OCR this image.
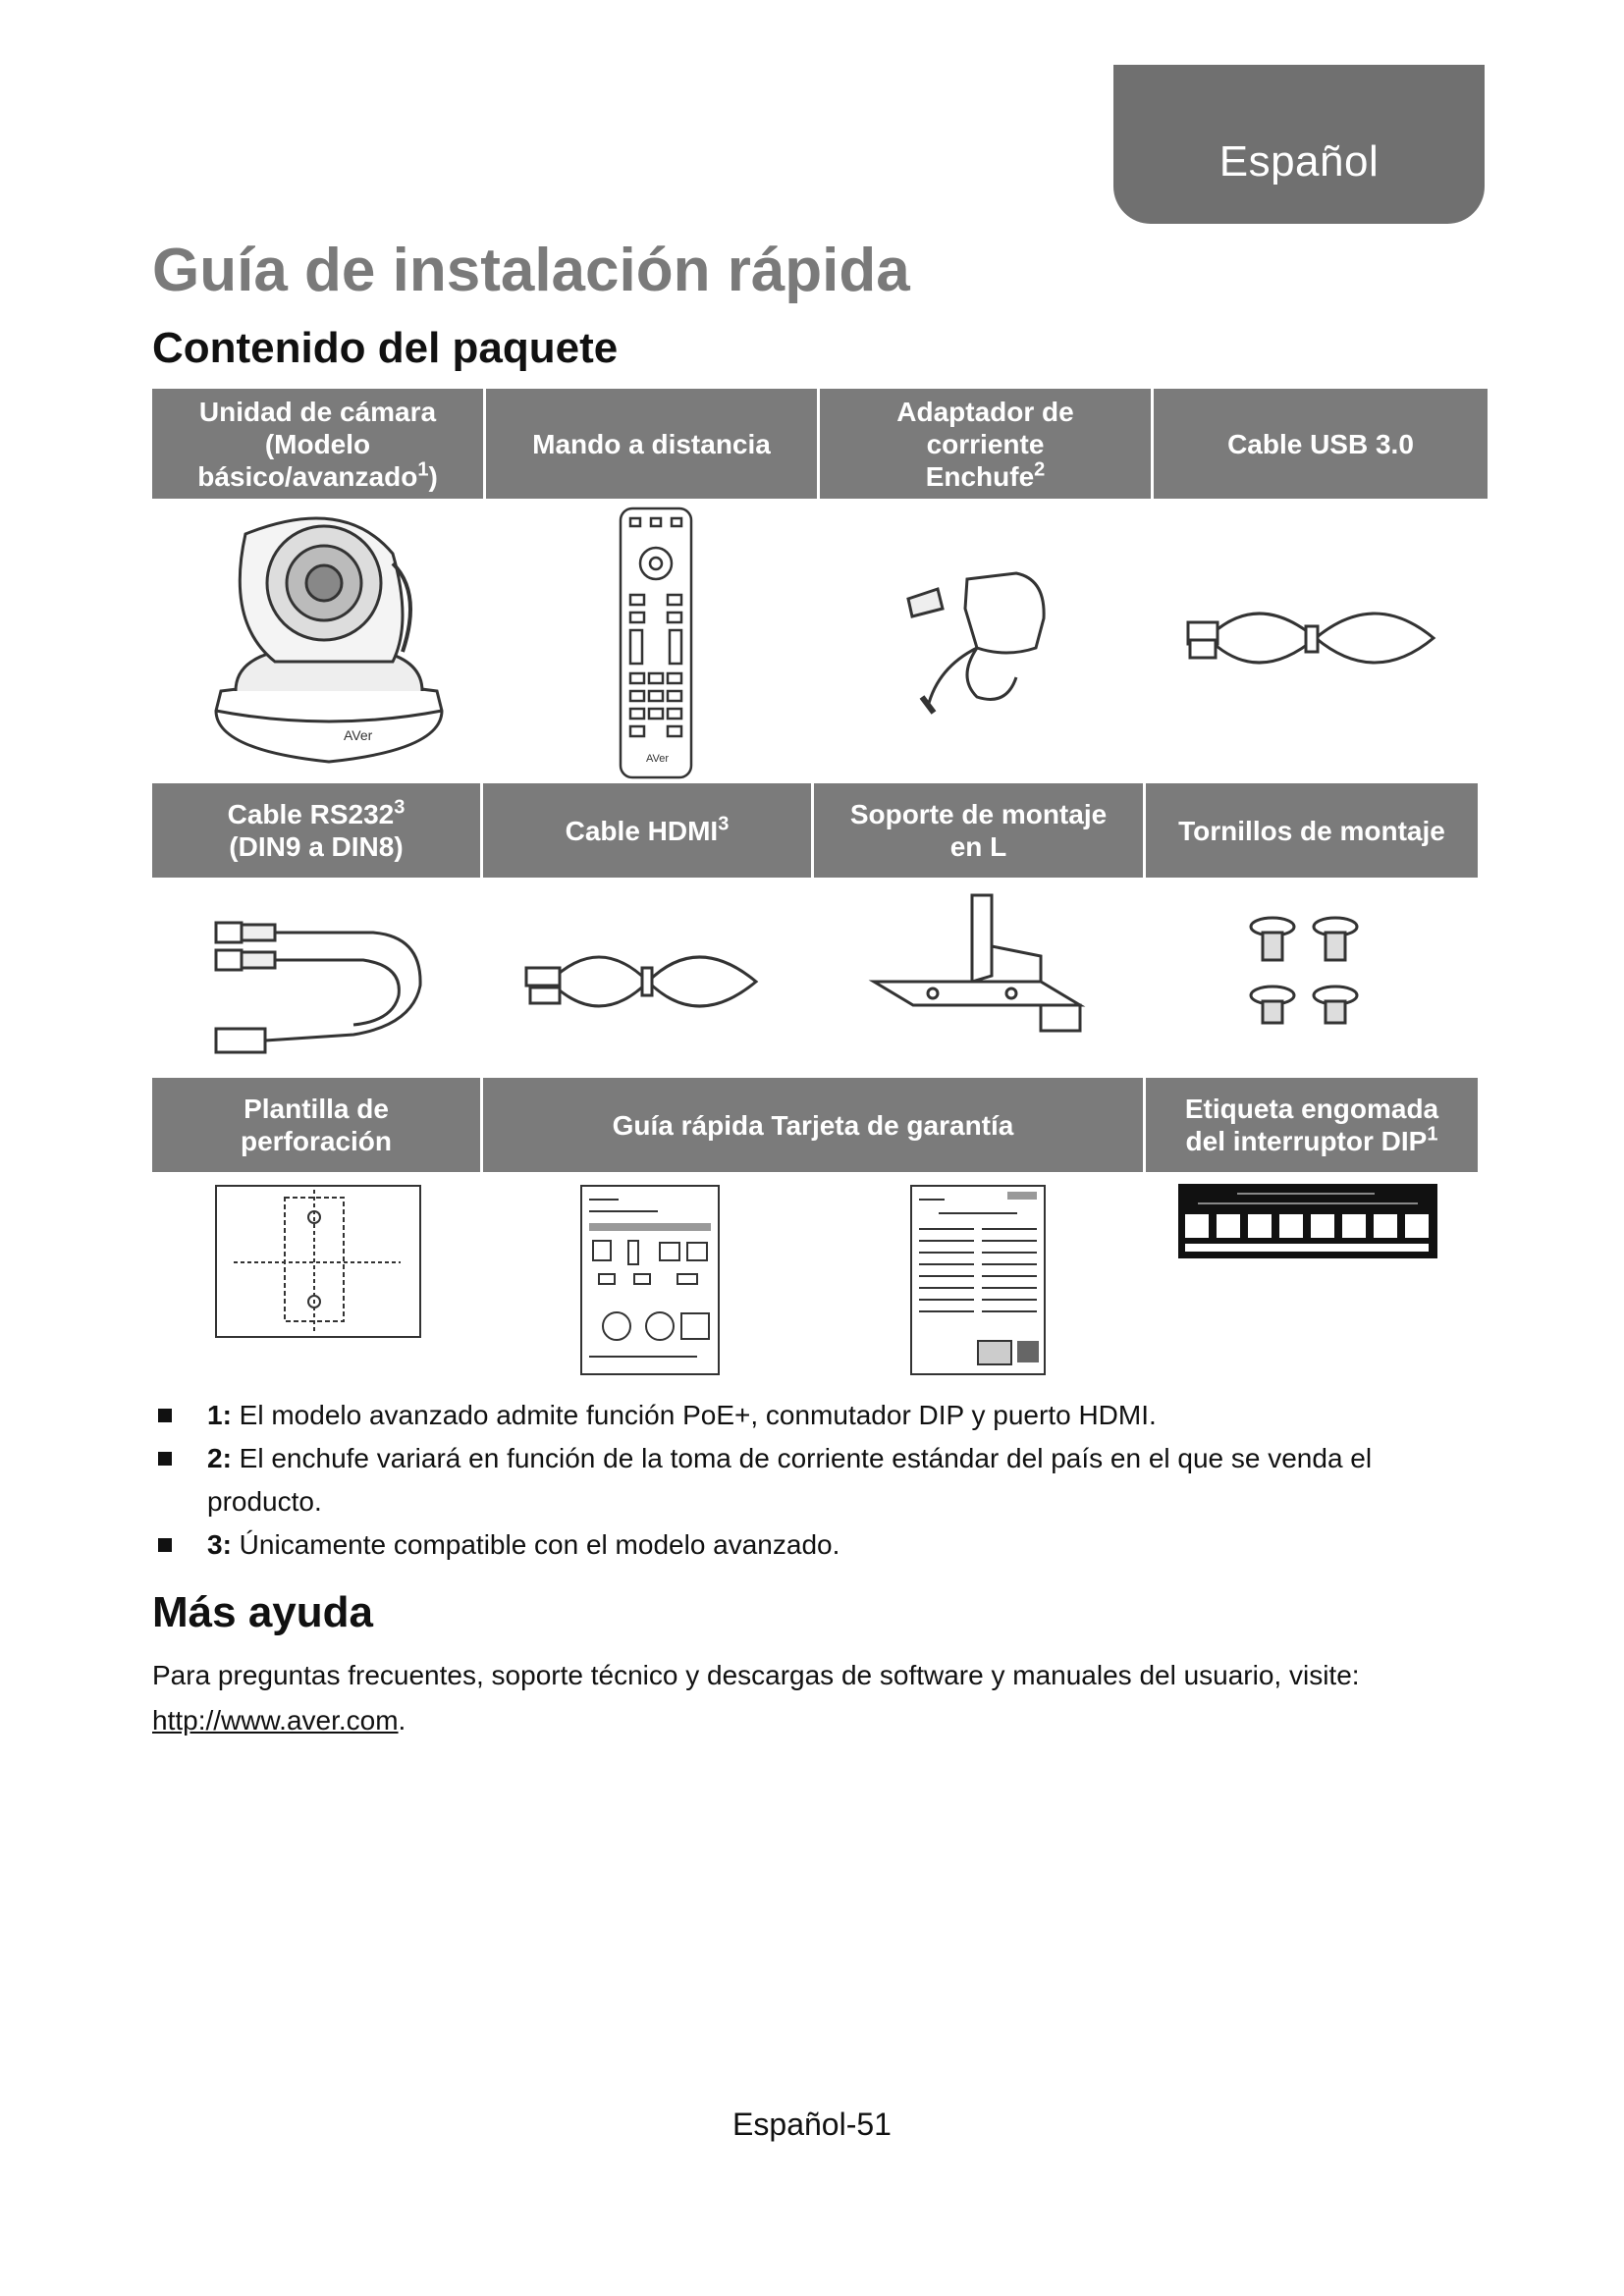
Español
Guía de instalación rápida
Contenido del paquete
Unidad de cámara
(Modelo
básico/avanzado$^1$)
Mando a distancia
Adaptador de
corriente
Enchufe$^2$
Cable USB 3.0
AVer
AVer
Cable $RS232^3$
(DIN9 a DIN8)
Cable HDMI$^3$	Soporte de montaje
en L
Tornillos de montaje
Plantilla de
perforación
Guía rápida Tarjeta de garantía
Etiqueta engomada
del interruptor DIP$^1$
1: El modelo avanzado admite función PoE+, conmutador DIP y puerto HDMI.
2: El enchufe variará en función de la toma de corriente estándar del país en el que se venda el producto.
3: Únicamente compatible con el modelo avanzado.
Más ayuda
Para preguntas frecuentes, soporte técnico y descargas de software y manuales del usuario, visite: http://www.aver.com.
Español-51
